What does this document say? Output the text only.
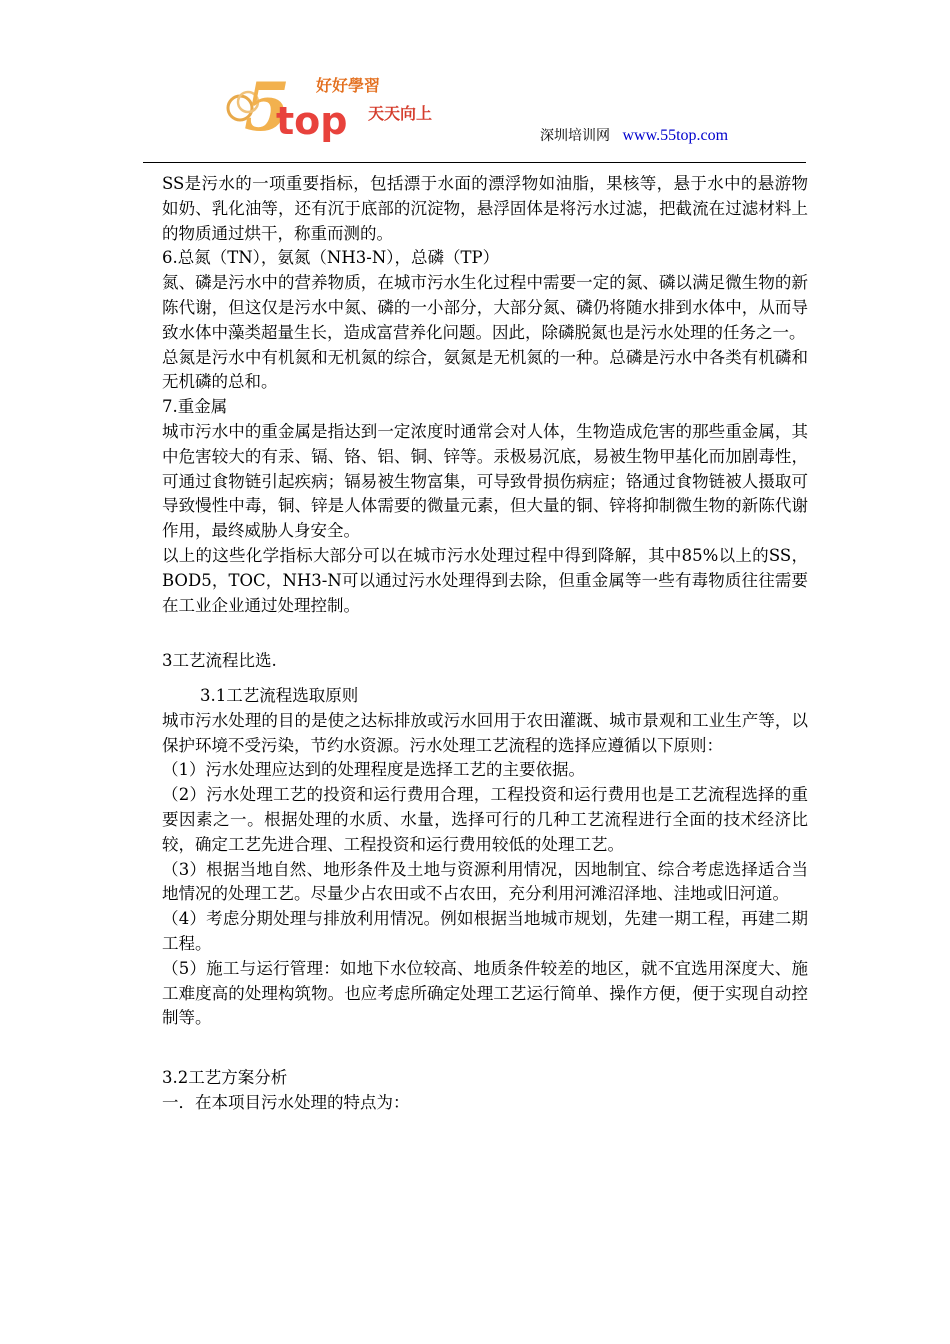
5
top
好好學習
天天向上
深圳培训网 www.55top.com

SS是污水的一项重要指标，包括漂于水面的漂浮物如油脂，果核等，悬于水中的悬游物如奶、乳化油等，还有沉于底部的沉淀物，悬浮固体是将污水过滤，把截流在过滤材料上的物质通过烘干，称重而测的。

6.总氮（TN），氨氮（NH3-N），总磷（TP）

氮、磷是污水中的营养物质，在城市污水生化过程中需要一定的氮、磷以满足微生物的新陈代谢，但这仅是污水中氮、磷的一小部分，大部分氮、磷仍将随水排到水体中，从而导致水体中藻类超量生长，造成富营养化问题。因此，除磷脱氮也是污水处理的任务之一。

总氮是污水中有机氮和无机氮的综合，氨氮是无机氮的一种。总磷是污水中各类有机磷和无机磷的总和。

7.重金属

城市污水中的重金属是指达到一定浓度时通常会对人体，生物造成危害的那些重金属，其中危害较大的有汞、镉、铬、铝、铜、锌等。汞极易沉底，易被生物甲基化而加剧毒性，可通过食物链引起疾病；镉易被生物富集，可导致骨损伤病症；铬通过食物链被人摄取可导致慢性中毒，铜、锌是人体需要的微量元素，但大量的铜、锌将抑制微生物的新陈代谢作用，最终威胁人身安全。

以上的这些化学指标大部分可以在城市污水处理过程中得到降解，其中85%以上的SS，BOD5，TOC，NH3-N可以通过污水处理得到去除，但重金属等一些有毒物质往往需要在工业企业通过处理控制。

3工艺流程比选.

3.1工艺流程选取原则

城市污水处理的目的是使之达标排放或污水回用于农田灌溉、城市景观和工业生产等，以保护环境不受污染，节约水资源。污水处理工艺流程的选择应遵循以下原则：

（1）污水处理应达到的处理程度是选择工艺的主要依据。

（2）污水处理工艺的投资和运行费用合理，工程投资和运行费用也是工艺流程选择的重要因素之一。根据处理的水质、水量，选择可行的几种工艺流程进行全面的技术经济比较，确定工艺先进合理、工程投资和运行费用较低的处理工艺。

（3）根据当地自然、地形条件及土地与资源利用情况，因地制宜、综合考虑选择适合当地情况的处理工艺。尽量少占农田或不占农田，充分利用河滩沼泽地、洼地或旧河道。

（4）考虑分期处理与排放利用情况。例如根据当地城市规划，先建一期工程，再建二期工程。

（5）施工与运行管理：如地下水位较高、地质条件较差的地区，就不宜选用深度大、施工难度高的处理构筑物。也应考虑所确定处理工艺运行简单、操作方便，便于实现自动控制等。

3.2工艺方案分析

一．在本项目污水处理的特点为：
